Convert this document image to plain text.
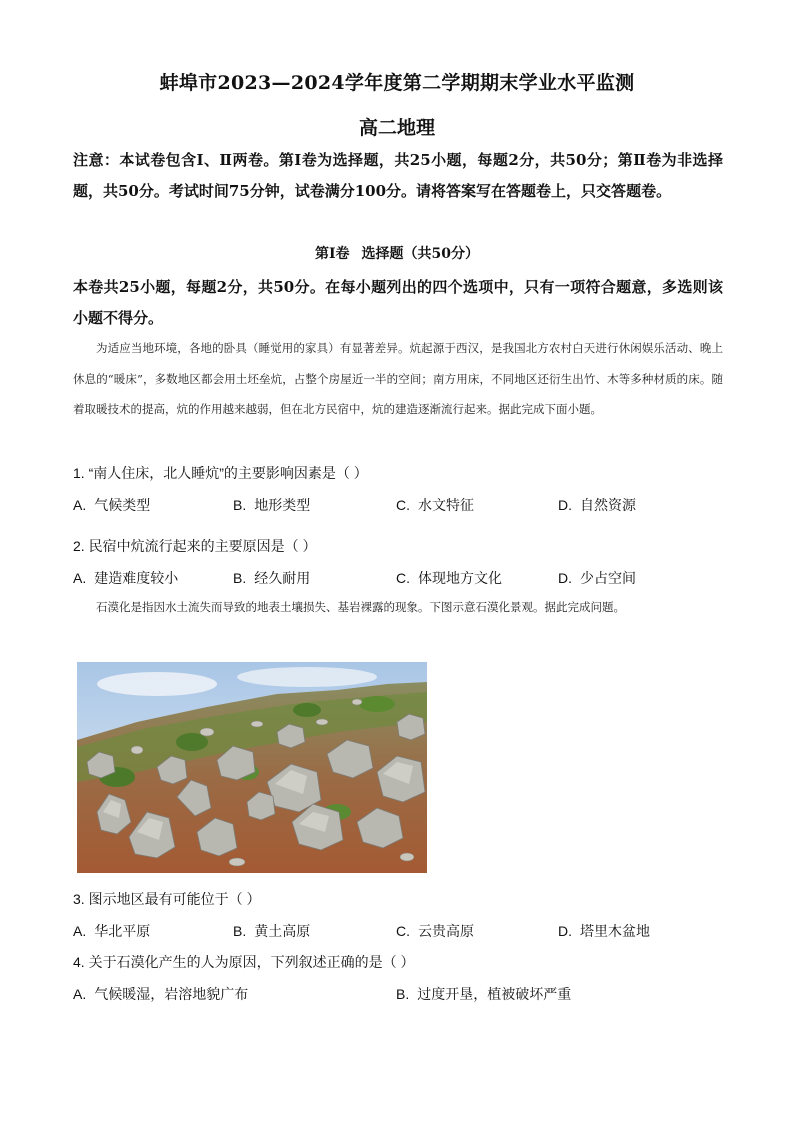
蚌埠市2023—2024学年度第二学期期末学业水平监测
高二地理
注意：本试卷包含Ⅰ、Ⅱ两卷。第Ⅰ卷为选择题，共25小题，每题2分，共50分；第Ⅱ卷为非选择题，共50分。考试时间75分钟，试卷满分100分。请将答案写在答题卷上，只交答题卷。
第Ⅰ卷 选择题（共50分）
本卷共25小题，每题2分，共50分。在每小题列出的四个选项中，只有一项符合题意，多选则该小题不得分。
为适应当地环境，各地的卧具（睡觉用的家具）有显著差异。炕起源于西汉，是我国北方农村白天进行休闲娱乐活动、晚上休息的“暖床”，多数地区都会用土坯垒炕，占整个房屋近一半的空间；南方用床，不同地区还衍生出竹、木等多种材质的床。随着取暖技术的提高，炕的作用越来越弱，但在北方民宿中，炕的建造逐渐流行起来。据此完成下面小题。
1. “南人住床，北人睡炕”的主要影响因素是（ ）
A. 气候类型	B. 地形类型	C. 水文特征	D. 自然资源
2. 民宿中炕流行起来的主要原因是（ ）
A. 建造难度较小	B. 经久耐用	C. 体现地方文化	D. 少占空间
石漠化是指因水土流失而导致的地表土壤损失、基岩裸露的现象。下图示意石漠化景观。据此完成问题。
3. 图示地区最有可能位于（ ）
A. 华北平原	B. 黄土高原	C. 云贵高原	D. 塔里木盆地
4. 关于石漠化产生的人为原因，下列叙述正确的是（ ）
A. 气候暖湿，岩溶地貌广布	B. 过度开垦，植被破坏严重
